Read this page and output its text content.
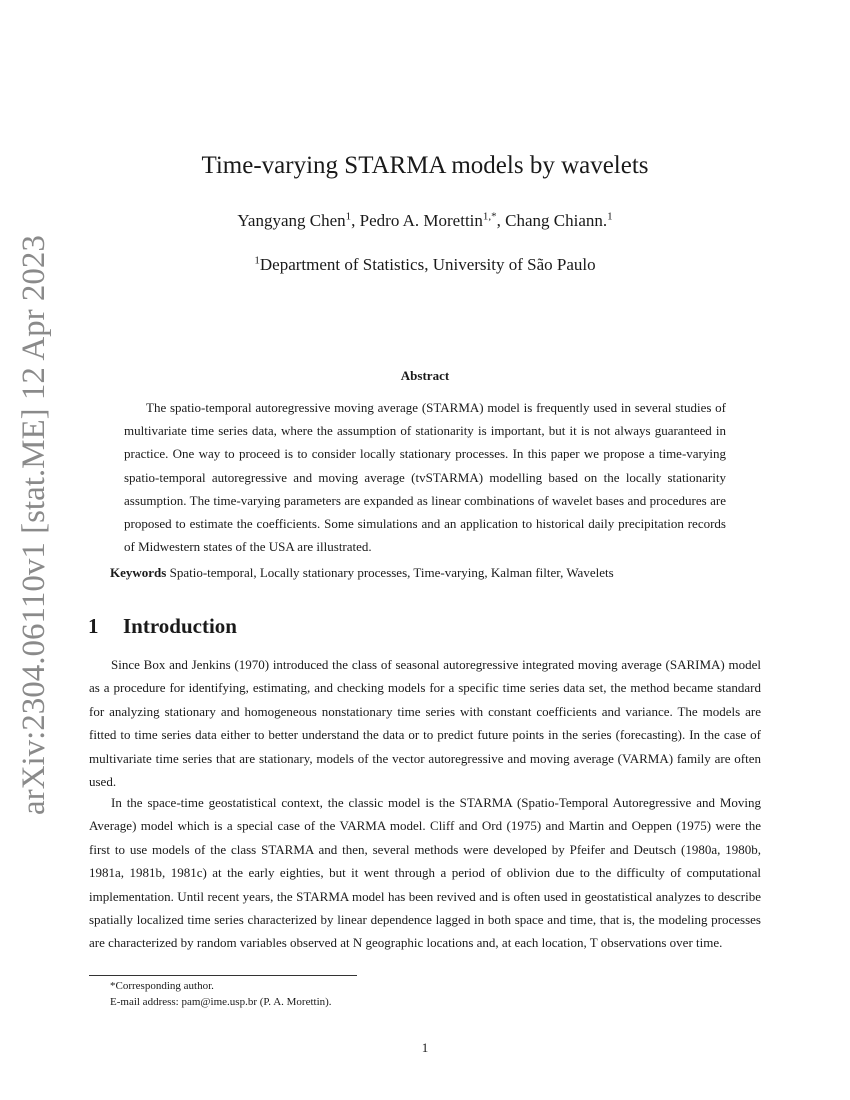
arXiv:2304.06110v1 [stat.ME] 12 Apr 2023
Time-varying STARMA models by wavelets
Yangyang Chen$^1$, Pedro A. Morettin$^{1,*}$, Chang Chiann.$^1$
$^1$Department of Statistics, University of São Paulo
Abstract

The spatio-temporal autoregressive moving average (STARMA) model is frequently used in several studies of multivariate time series data, where the assumption of stationarity is important, but it is not always guaranteed in practice. One way to proceed is to consider locally stationary processes. In this paper we propose a time-varying spatio-temporal autoregressive and moving average (tvSTARMA) modelling based on the locally stationarity assumption. The time-varying parameters are expanded as linear combinations of wavelet bases and procedures are proposed to estimate the coefficients. Some simulations and an application to historical daily precipitation records of Midwestern states of the USA are illustrated.

Keywords Spatio-temporal, Locally stationary processes, Time-varying, Kalman filter, Wavelets

1 Introduction

Since Box and Jenkins (1970) introduced the class of seasonal autoregressive integrated moving average (SARIMA) model as a procedure for identifying, estimating, and checking models for a specific time series data set, the method became standard for analyzing stationary and homogeneous nonstationary time series with constant coefficients and variance. The models are fitted to time series data either to better understand the data or to predict future points in the series (forecasting). In the case of multivariate time series that are stationary, models of the vector autoregressive and moving average (VARMA) family are often used.

In the space-time geostatistical context, the classic model is the STARMA (Spatio-Temporal Autoregressive and Moving Average) model which is a special case of the VARMA model. Cliff and Ord (1975) and Martin and Oeppen (1975) were the first to use models of the class STARMA and then, several methods were developed by Pfeifer and Deutsch (1980a, 1980b, 1981a, 1981b, 1981c) at the early eighties, but it went through a period of oblivion due to the difficulty of computational implementation. Until recent years, the STARMA model has been revived and is often used in geostatistical analyzes to describe spatially localized time series characterized by linear dependence lagged in both space and time, that is, the modeling processes are characterized by random variables observed at N geographic locations and, at each location, T observations over time.

*Corresponding author.

E-mail address: pam@ime.usp.br (P. A. Morettin).

1
